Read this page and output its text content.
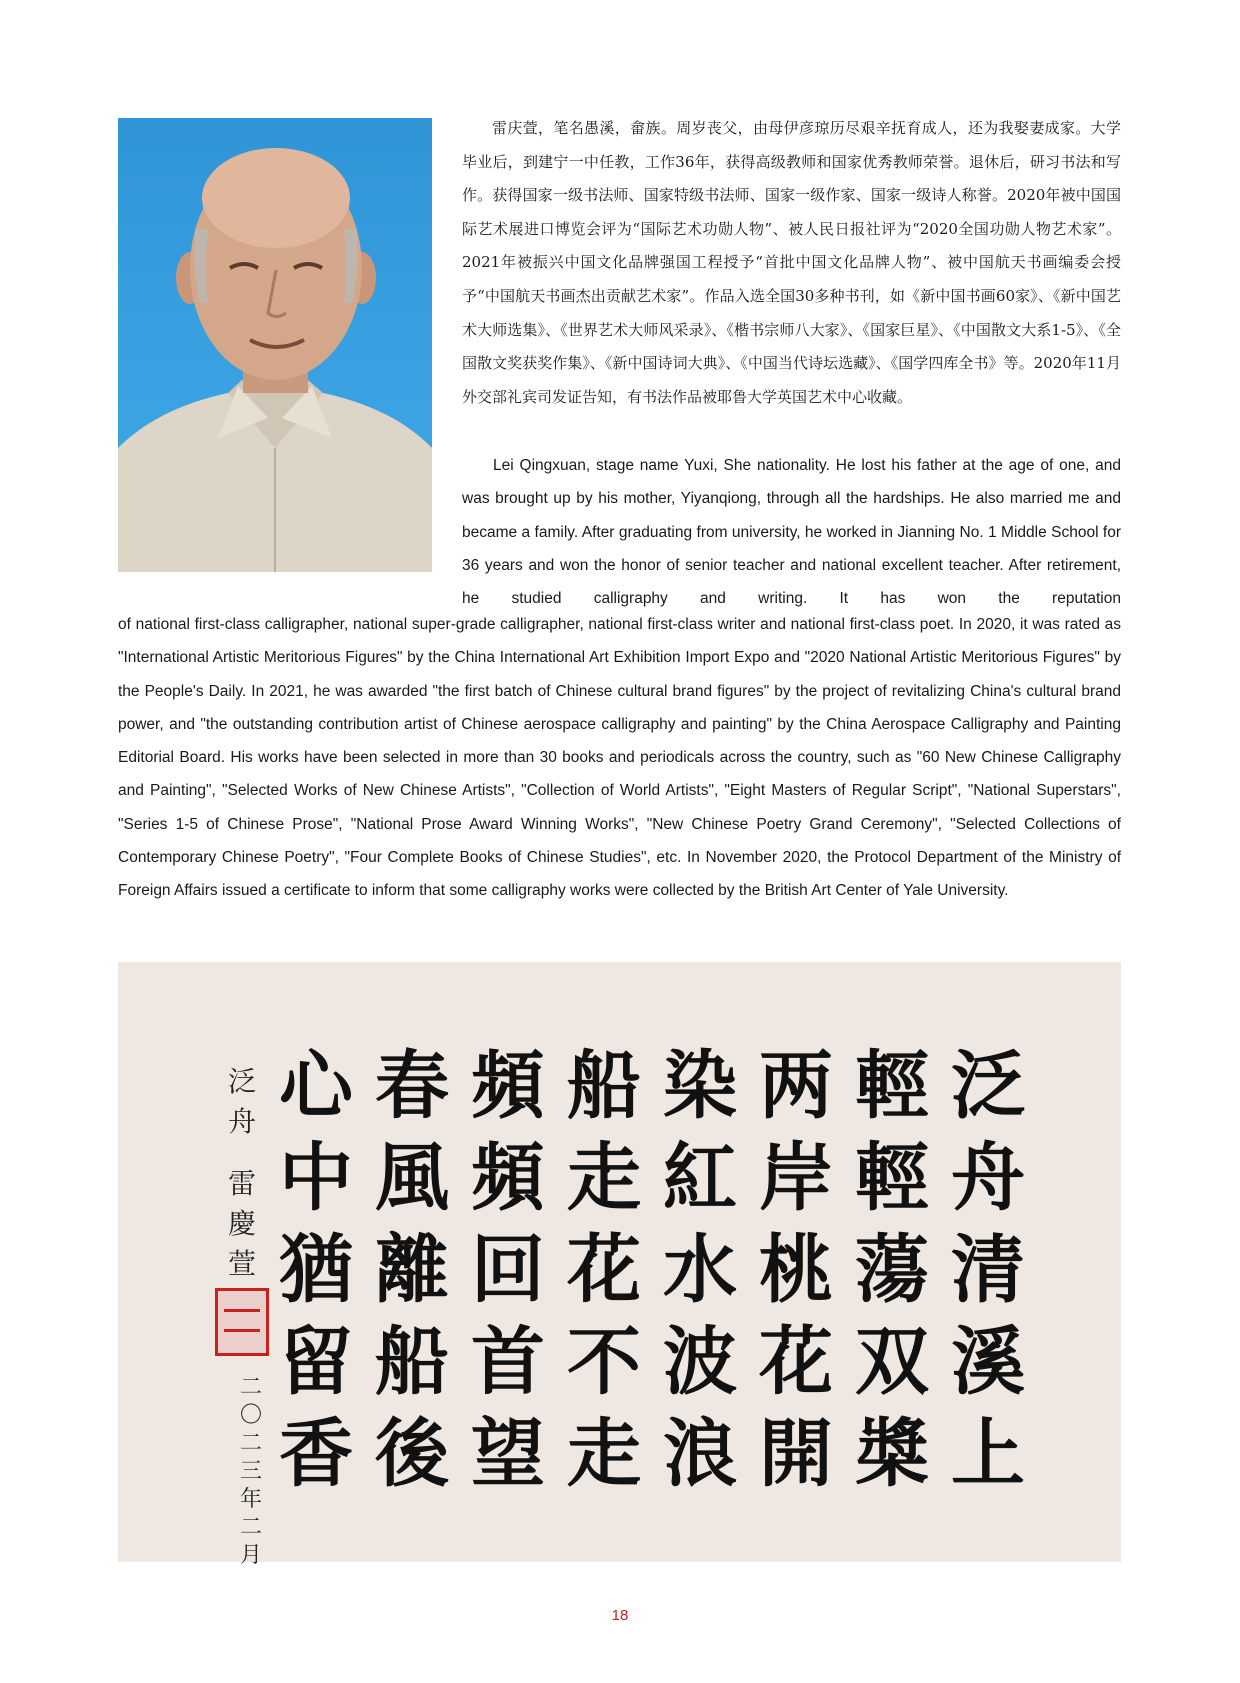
雷庆萱，笔名愚溪，畲族。周岁丧父，由母伊彦琼历尽艰辛抚育成人，还为我娶妻成家。大学毕业后，到建宁一中任教，工作36年，获得高级教师和国家优秀教师荣誉。退休后，研习书法和写作。获得国家一级书法师、国家特级书法师、国家一级作家、国家一级诗人称誉。2020年被中国国际艺术展进口博览会评为“国际艺术功勋人物”、被人民日报社评为“2020全国功勋人物艺术家”。2021年被振兴中国文化品牌强国工程授予“首批中国文化品牌人物”、被中国航天书画编委会授予“中国航天书画杰出贡献艺术家”。作品入选全国30多种书刊，如《新中国书画60家》、《新中国艺术大师选集》、《世界艺术大师风采录》、《楷书宗师八大家》、《国家巨星》、《中国散文大系1-5》、《全国散文奖获奖作集》、《新中国诗词大典》、《中国当代诗坛选藏》、《国学四库全书》等。2020年11月外交部礼宾司发证告知，有书法作品被耶鲁大学英国艺术中心收藏。

Lei Qingxuan, stage name Yuxi, She nationality. He lost his father at the age of one, and was brought up by his mother, Yiyanqiong, through all the hardships. He also married me and became a family. After graduating from university, he worked in Jianning No. 1 Middle School for 36 years and won the honor of senior teacher and national excellent teacher. After retirement, he studied calligraphy and writing. It has won the reputation

of national first-class calligrapher, national super-grade calligrapher, national first-class writer and national first-class poet. In 2020, it was rated as "International Artistic Meritorious Figures" by the China International Art Exhibition Import Expo and "2020 National Artistic Meritorious Figures" by the People's Daily. In 2021, he was awarded "the first batch of Chinese cultural brand figures" by the project of revitalizing China's cultural brand power, and "the outstanding contribution artist of Chinese aerospace calligraphy and painting" by the China Aerospace Calligraphy and Painting Editorial Board. His works have been selected in more than 30 books and periodicals across the country, such as "60 New Chinese Calligraphy and Painting", "Selected Works of New Chinese Artists", "Collection of World Artists", "Eight Masters of Regular Script", "National Superstars", "Series 1-5 of Chinese Prose", "National Prose Award Winning Works", "New Chinese Poetry Grand Ceremony", "Selected Collections of Contemporary Chinese Poetry", "Four Complete Books of Chinese Studies", etc. In November 2020, the Protocol Department of the Ministry of Foreign Affairs issued a certificate to inform that some calligraphy works were collected by the British Art Center of Yale University.

泛
舟
清
溪
上
輕
輕
蕩
双
槳
两
岸
桃
花
開
染
紅
水
波
浪
船
走
花
不
走
頻
頻
回
首
望
春
風
離
船
後
心
中
猶
留
香
泛
舟
雷
慶
萱
二
〇
二
三
年
二
月
18
